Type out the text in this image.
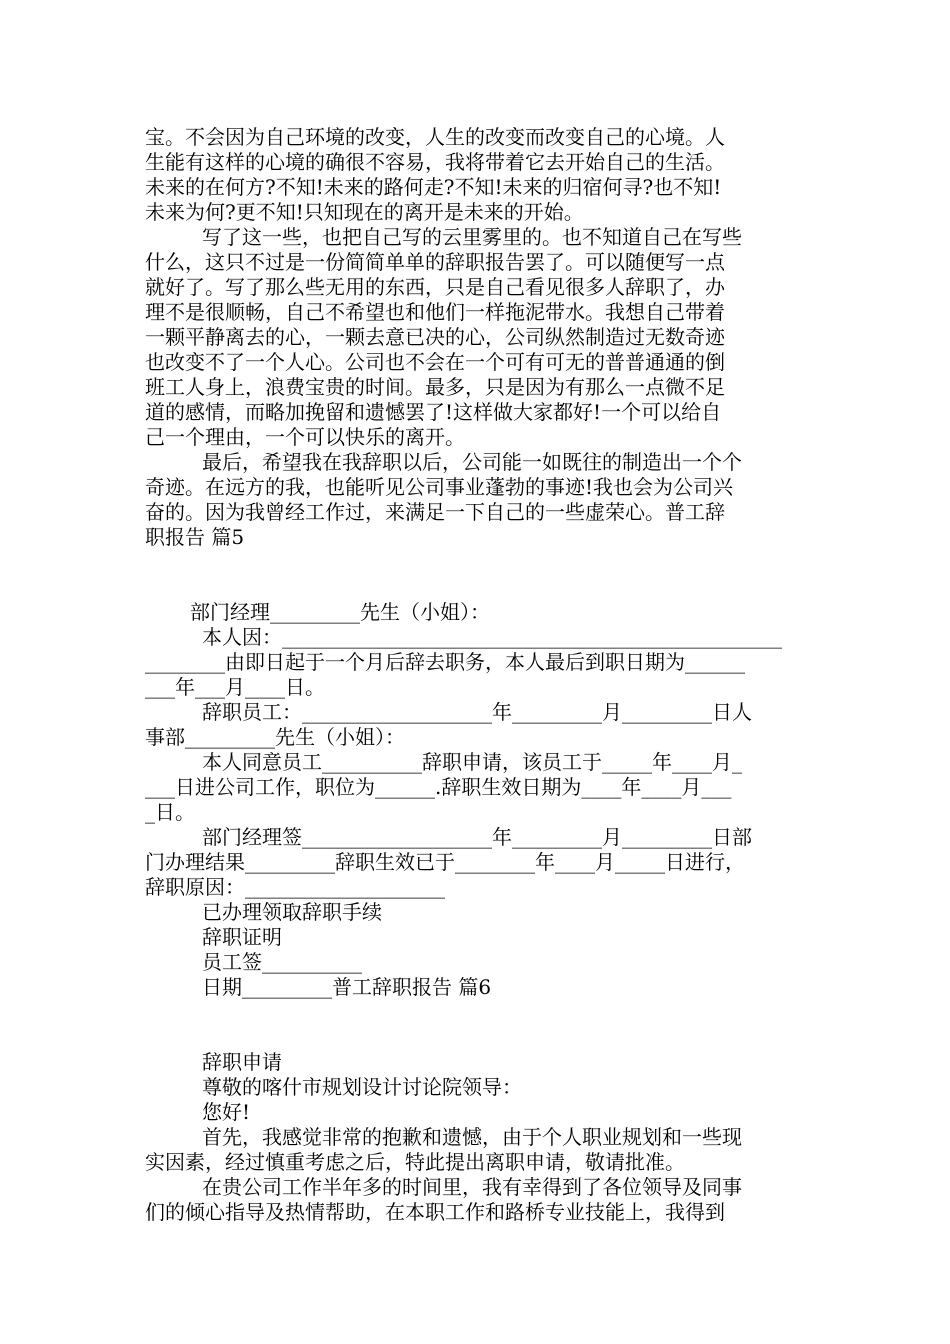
宝。不会因为自己环境的改变，人生的改变而改变自己的心境。人
生能有这样的心境的确很不容易，我将带着它去开始自己的生活。
未来的在何方?不知!未来的路何走?不知!未来的归宿何寻?也不知!
未来为何?更不知!只知现在的离开是未来的开始。
写了这一些，也把自己写的云里雾里的。也不知道自己在写些
什么，这只不过是一份简简单单的辞职报告罢了。可以随便写一点
就好了。写了那么些无用的东西，只是自己看见很多人辞职了，办
理不是很顺畅，自己不希望也和他们一样拖泥带水。我想自己带着
一颗平静离去的心，一颗去意已决的心，公司纵然制造过无数奇迹
也改变不了一个人心。公司也不会在一个可有可无的普普通通的倒
班工人身上，浪费宝贵的时间。最多，只是因为有那么一点微不足
道的感情，而略加挽留和遗憾罢了!这样做大家都好!一个可以给自
己一个理由，一个可以快乐的离开。
最后，希望我在我辞职以后，公司能一如既往的制造出一个个
奇迹。在远方的我，也能听见公司事业蓬勃的事迹!我也会为公司兴
奋的。因为我曾经工作过，来满足一下自己的一些虚荣心。普工辞
职报告 篇5
部门经理_________先生（小姐）：
本人因：__________________________________________________
________由即日起于一个月后辞去职务，本人最后到职日期为______
___年___月____日。
辞职员工：___________________年_________月_________日人
事部_________先生（小姐）：
本人同意员工__________辞职申请，该员工于_____年____月_
___日进公司工作，职位为______.辞职生效日期为____年____月___
_日。
部门经理签___________________年_________月_________日部
门办理结果_________辞职生效已于________年____月_____日进行，
辞职原因：____________________
已办理领取辞职手续
辞职证明
员工签__________
日期_________普工辞职报告 篇6
辞职申请
尊敬的喀什市规划设计讨论院领导：
您好!
首先，我感觉非常的抱歉和遗憾，由于个人职业规划和一些现
实因素，经过慎重考虑之后，特此提出离职申请，敬请批准。
在贵公司工作半年多的时间里，我有幸得到了各位领导及同事
们的倾心指导及热情帮助，在本职工作和路桥专业技能上，我得到
